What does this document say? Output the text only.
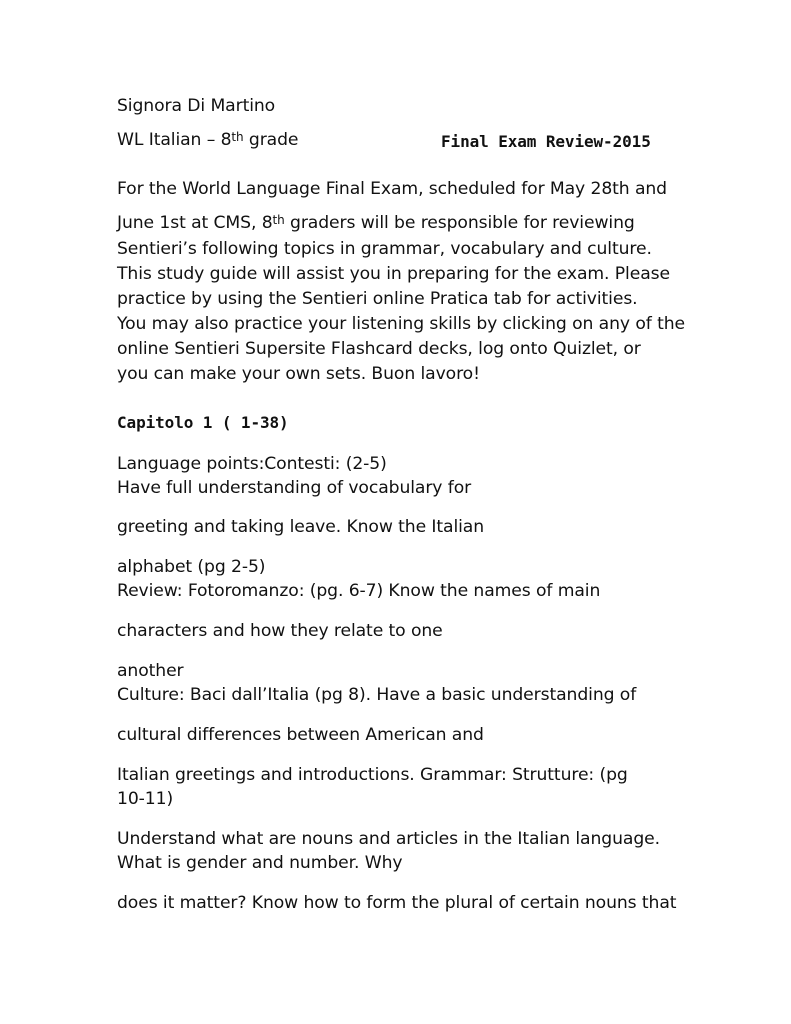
Signora Di Martino
WL Italian – 8th grade	Final Exam Review-2015
For the World Language Final Exam, scheduled for May 28th and
June 1st at CMS, 8th graders will be responsible for reviewing
Sentieri’s following topics in grammar, vocabulary and culture.
This study guide will assist you in preparing for the exam. Please
practice by using the Sentieri online Pratica tab for activities.
You may also practice your listening skills by clicking on any of the
online Sentieri Supersite Flashcard decks, log onto Quizlet, or
you can make your own sets. Buon lavoro!
Capitolo 1 ( 1-38)
Language points:Contesti: (2-5)
Have full understanding of vocabulary for
greeting and taking leave. Know the Italian
alphabet (pg 2-5)
Review: Fotoromanzo: (pg. 6-7) Know the names of main
characters and how they relate to one
another
Culture: Baci dall’Italia (pg 8). Have a basic understanding of
cultural differences between American and
Italian greetings and introductions. Grammar: Strutture: (pg
10-11)
Understand what are nouns and articles in the Italian language.
What is gender and number. Why
does it matter? Know how to form the plural of certain nouns that
